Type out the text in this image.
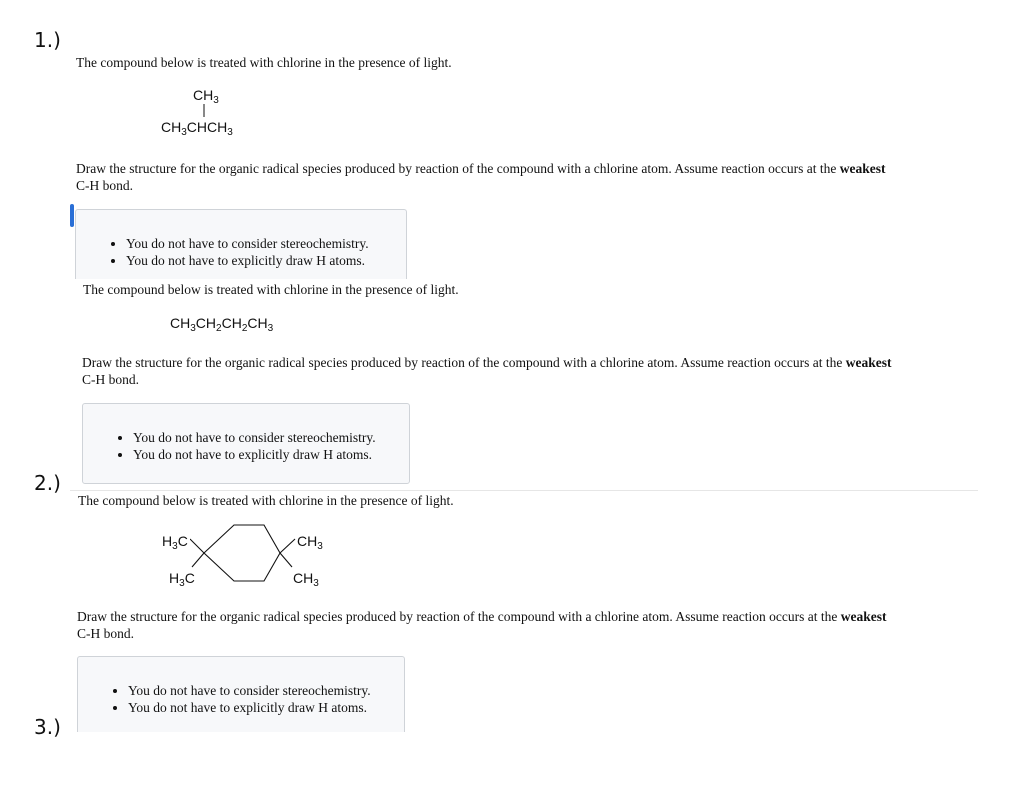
1.)
The compound below is treated with chlorine in the presence of light.
$CH_3$
$CH_3CHCH_3$
Draw the structure for the organic radical species produced by reaction of the compound with a chlorine atom. Assume reaction occurs at the weakest
C-H bond.
• You do not have to consider stereochemistry.
• You do not have to explicitly draw H atoms.
The compound below is treated with chlorine in the presence of light.
$CH_3CH_2CH_2CH_3$
Draw the structure for the organic radical species produced by reaction of the compound with a chlorine atom. Assume reaction occurs at the weakest
C-H bond.
• You do not have to consider stereochemistry.
• You do not have to explicitly draw H atoms.
2.)
The compound below is treated with chlorine in the presence of light.
$H_3C$	$CH_3$
$H_3C$	$CH_3$
Draw the structure for the organic radical species produced by reaction of the compound with a chlorine atom. Assume reaction occurs at the weakest
C-H bond.
• You do not have to consider stereochemistry.
• You do not have to explicitly draw H atoms.
3.)
